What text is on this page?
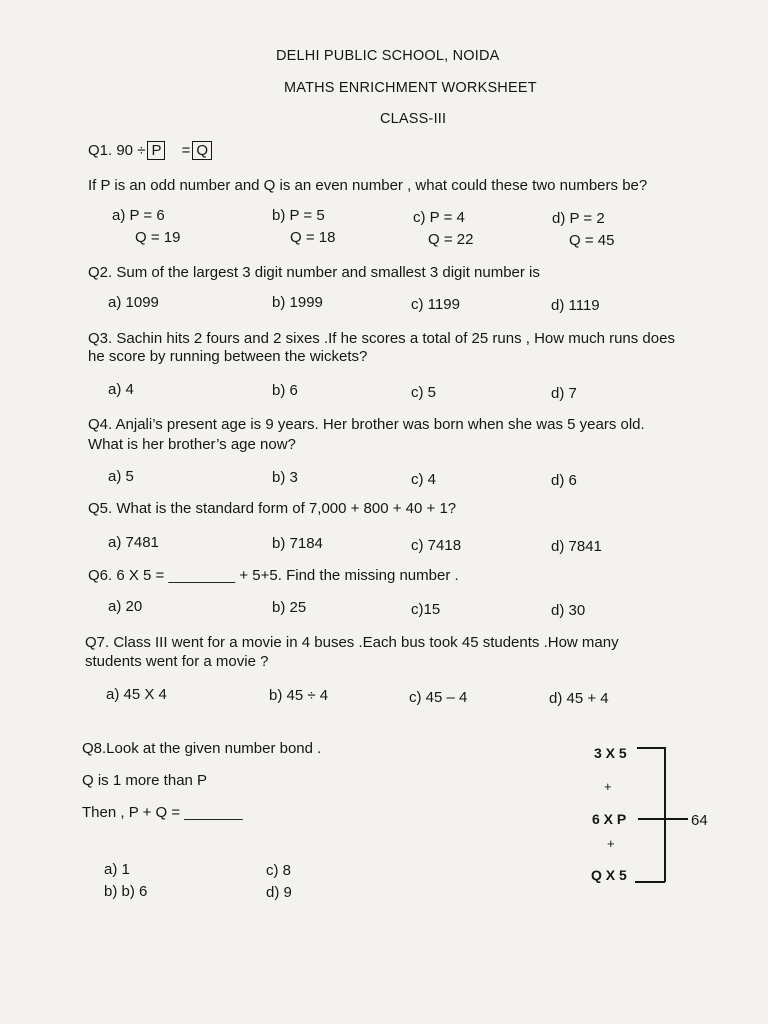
DELHI PUBLIC SCHOOL, NOIDA
MATHS ENRICHMENT WORKSHEET
CLASS-III
Q1. 90 ÷ P = Q
If P is an odd number and Q is an even number , what could these two numbers be?
a) P = 6
Q = 19
b) P = 5
Q = 18
c) P = 4
Q = 22
d) P = 2
Q = 45
Q2. Sum of the largest 3 digit number and smallest 3 digit number is
a) 1099	b) 1999	c) 1199	d) 1119
Q3. Sachin hits 2 fours and 2 sixes .If he scores a total of 25 runs , How much runs does
he score by running between the wickets?
a) 4	b) 6	c) 5	d) 7
Q4. Anjali’s present age is 9 years. Her brother was born when she was 5 years old.
What is her brother’s age now?
a) 5	b) 3	c) 4	d) 6
Q5. What is the standard form of 7,000 + 800 + 40 + 1?
a) 7481	b) 7184	c) 7418	d) 7841
Q6. 6 X 5 = ________ + 5+5. Find the missing number .
a) 20	b) 25	c)15	d) 30
Q7. Class III went for a movie in 4 buses .Each bus took 45 students .How many
students went for a movie ?
a) 45 X 4	b) 45 ÷ 4	c) 45 – 4	d) 45 + 4
Q8.Look at the given number bond .
Q is 1 more than P
Then , P + Q = _______
a) 1
b) b) 6
c) 8
d) 9
3 X 5
+
6 X P
+
Q X 5
64
